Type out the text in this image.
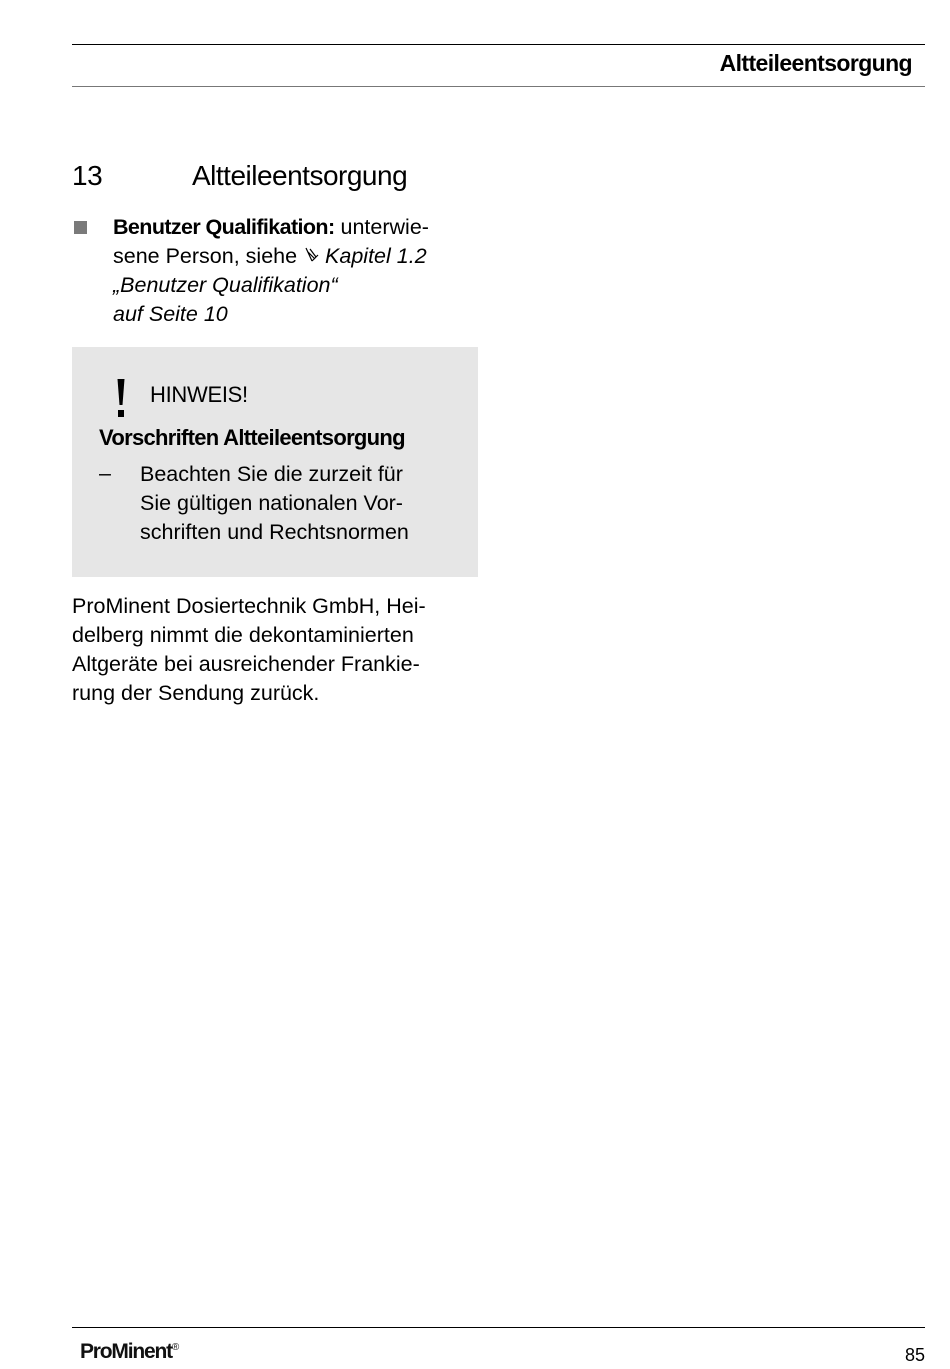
Altteileentsorgung
13	Altteileentsorgung
Benutzer Qualifikation: unterwie-
sene Person, siehe Kapitel 1.2
„Benutzer Qualifikation“
auf Seite 10
HINWEIS!
Vorschriften Altteileentsorgung
– Beachten Sie die zurzeit für
Sie gültigen nationalen Vor-
schriften und Rechtsnormen
ProMinent Dosiertechnik GmbH, Hei-
delberg nimmt die dekontaminierten
Altgeräte bei ausreichender Frankie-
rung der Sendung zurück.
ProMinent®	85
